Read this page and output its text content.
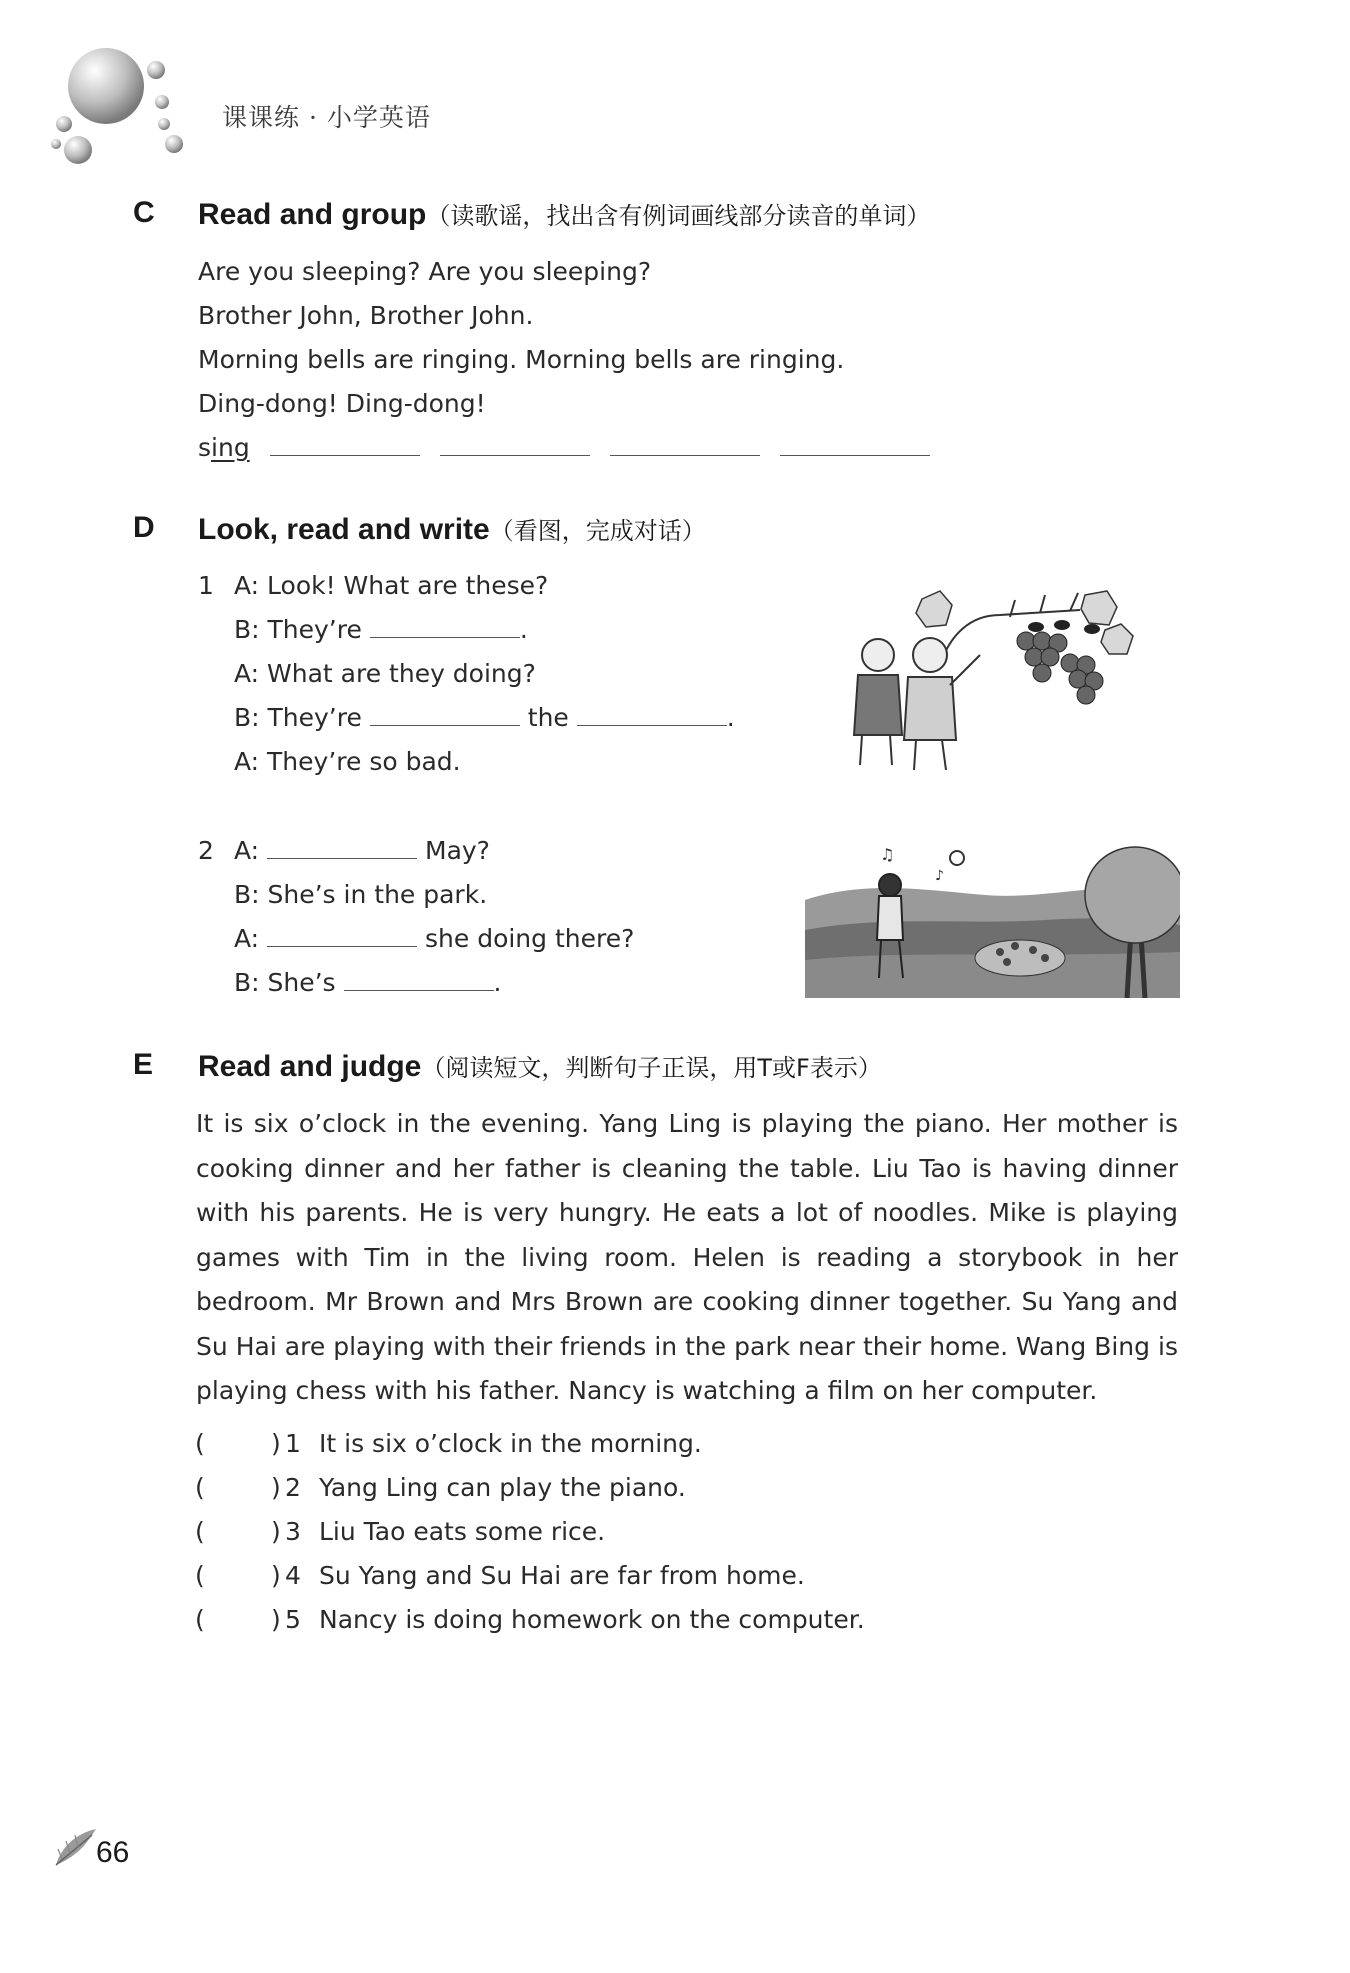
课课练 · 小学英语
C Read and group（读歌谣，找出含有例词画线部分读音的单词）
Are you sleeping? Are you sleeping?
Brother John, Brother John.
Morning bells are ringing. Morning bells are ringing.
Ding-dong! Ding-dong!
sing
D Look, read and write（看图，完成对话）
1 A: Look! What are these?
B: They’re	.
A: What are they doing?
B: They’re	the	.
A: They’re so bad.
2 A:	May?
B: She’s in the park.
A:	she doing there?
B: She’s	.
♫
♪
E Read and judge（阅读短文，判断句子正误，用T或F表示）
It is six o’clock in the evening. Yang Ling is playing the piano. Her mother is cooking dinner and her father is cleaning the table. Liu Tao is having dinner with his parents. He is very hungry. He eats a lot of noodles. Mike is playing games with Tim in the living room. Helen is reading a storybook in her bedroom. Mr Brown and Mrs Brown are cooking dinner together. Su Yang and Su Hai are playing with their friends in the park near their home. Wang Bing is playing chess with his father. Nancy is watching a film on her computer.
(	) 1 It is six o’clock in the morning.
(	) 2 Yang Ling can play the piano.
(	) 3 Liu Tao eats some rice.
(	) 4 Su Yang and Su Hai are far from home.
(	) 5 Nancy is doing homework on the computer.
66
